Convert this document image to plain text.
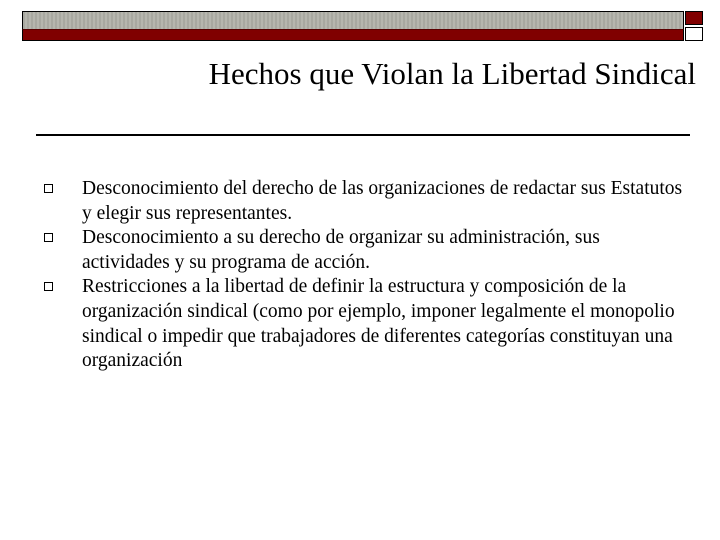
Hechos que Violan la Libertad Sindical
Desconocimiento del derecho de las organizaciones de redactar sus Estatutos y elegir sus representantes.
Desconocimiento a su derecho de organizar su administración, sus actividades y su programa de acción.
Restricciones a la libertad de definir la estructura y composición de la organización sindical (como por ejemplo, imponer legalmente el monopolio sindical o impedir que trabajadores de diferentes categorías constituyan una organización
